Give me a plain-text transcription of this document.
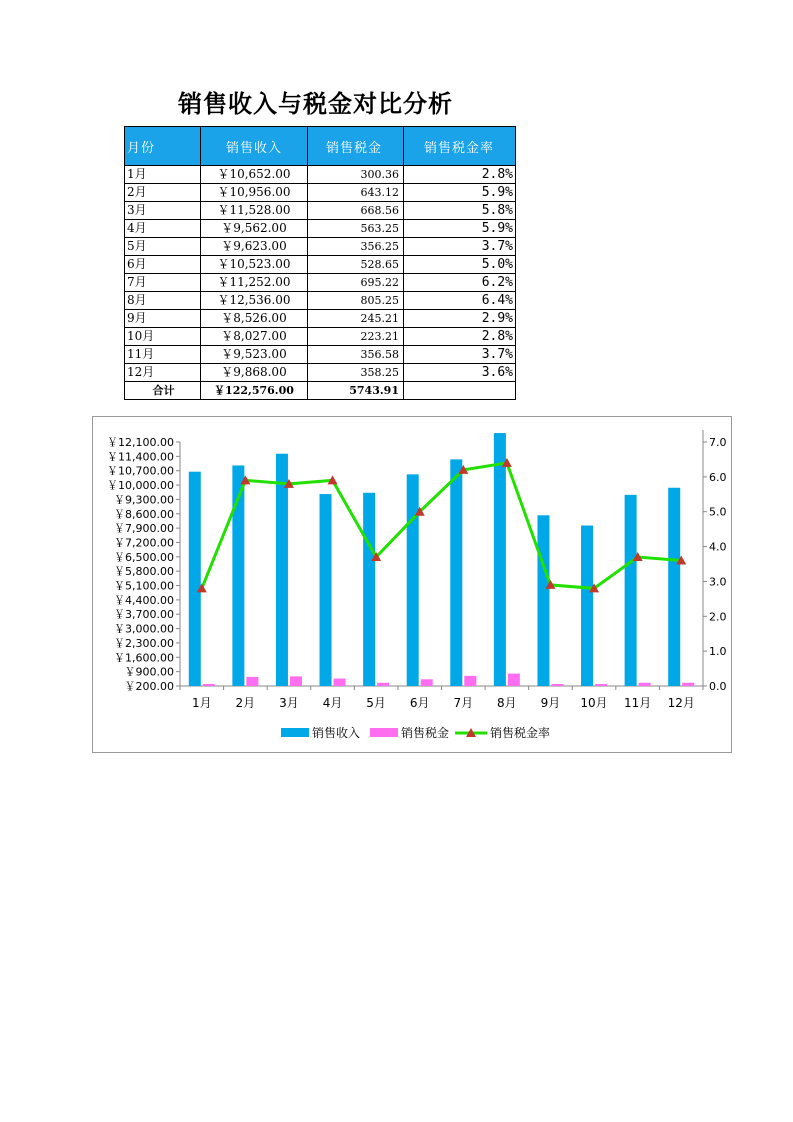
销售收入与税金对比分析
月份	销售收入	销售税金	销售税金率
1月	￥10,652.00	300.36	2.8%
2月	￥10,956.00	643.12	5.9%
3月	￥11,528.00	668.56	5.8%
4月	￥9,562.00	563.25	5.9%
5月	￥9,623.00	356.25	3.7%
6月	￥10,523.00	528.65	5.0%
7月	￥11,252.00	695.22	6.2%
8月	￥12,536.00	805.25	6.4%
9月	￥8,526.00	245.21	2.9%
10月	￥8,027.00	223.21	2.8%
11月	￥9,523.00	356.58	3.7%
12月	￥9,868.00	358.25	3.6%
合计	￥122,576.00	5743.91	
￥12,100.00
￥11,400.00
￥10,700.00
￥10,000.00
￥9,300.00
￥8,600.00
￥7,900.00
￥7,200.00
￥6,500.00
￥5,800.00
￥5,100.00
￥4,400.00
￥3,700.00
￥3,000.00
￥2,300.00
￥1,600.00
￥900.00
￥200.00
7.0
6.0
5.0
4.0
3.0
2.0
1.0
0.0
1月 2月 3月 4月 5月 6月 7月 8月 9月 10月 11月 12月
销售收入	销售税金	销售税金率
